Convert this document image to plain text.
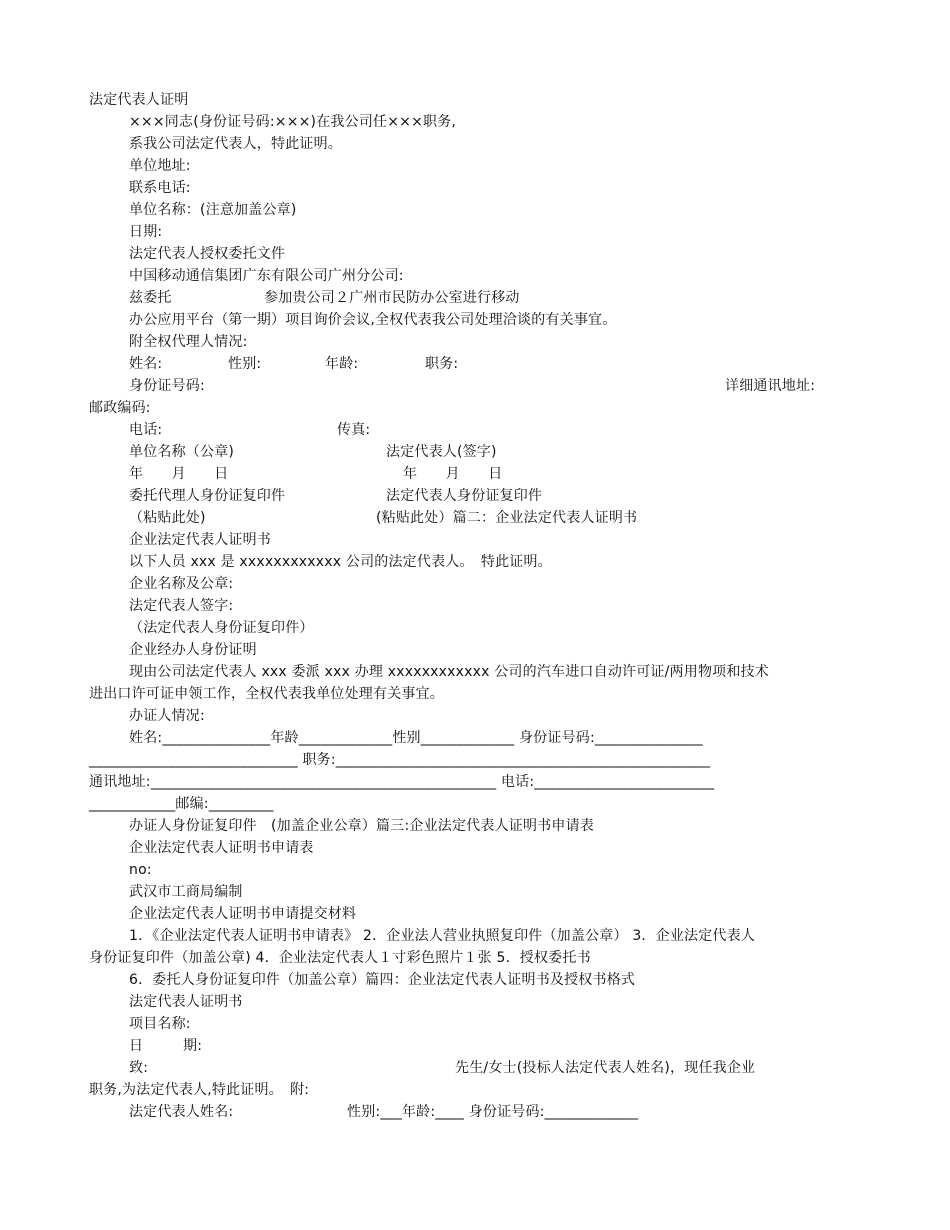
法定代表人证明
×××同志(身份证号码:×××)在我公司任×××职务,
系我公司法定代表人，特此证明。
单位地址:
联系电话:
单位名称：(注意加盖公章)
日期:
法定代表人授权委托文件
中国移动通信集团广东有限公司广州分公司:
兹委托	参加贵公司２广州市民防办公室进行移动
办公应用平台（第一期）项目询价会议,全权代表我公司处理洽谈的有关事宜。
附全权代理人情况:
姓名:	性别:	年龄:	职务:
身份证号码:	详细通讯地址:
邮政编码:
电话:	传真:
单位名称（公章)	法定代表人(签字)
年　　月　　日	年　　月　　日
委托代理人身份证复印件	法定代表人身份证复印件
（粘贴此处)	(粘贴此处）篇二：企业法定代表人证明书
企业法定代表人证明书
以下人员 xxx 是 xxxxxxxxxxxx 公司的法定代表人。　特此证明。
企业名称及公章:
法定代表人签字:
（法定代表人身份证复印件）
企业经办人身份证明
现由公司法定代表人 xxx 委派 xxx 办理 xxxxxxxxxxxx 公司的汽车进口自动许可证/两用物项和技术
进出口许可证申领工作，全权代表我单位处理有关事宜。
办证人情况:
姓名:_______________年龄_____________性别_____________ 身份证号码:_______________
_____________________________ 职务:____________________________________________________
通讯地址:________________________________________________ 电话:_________________________
____________邮编:_________
办证人身份证复印件　(加盖企业公章）篇三:企业法定代表人证明书申请表
企业法定代表人证明书申请表
no:
武汉市工商局编制
企业法定代表人证明书申请提交材料
1．《企业法定代表人证明书申请表》 2．企业法人营业执照复印件（加盖公章） 3．企业法定代表人
身份证复印件（加盖公章) 4．企业法定代表人１寸彩色照片１张 5．授权委托书
6．委托人身份证复印件（加盖公章）篇四：企业法定代表人证明书及授权书格式
法定代表人证明书
项目名称:
日	期:
致:	先生/女士(投标人法定代表人姓名)，现任我企业
职务,为法定代表人,特此证明。　附:
法定代表人姓名:	性别:___年龄:____ 身份证号码:_____________
